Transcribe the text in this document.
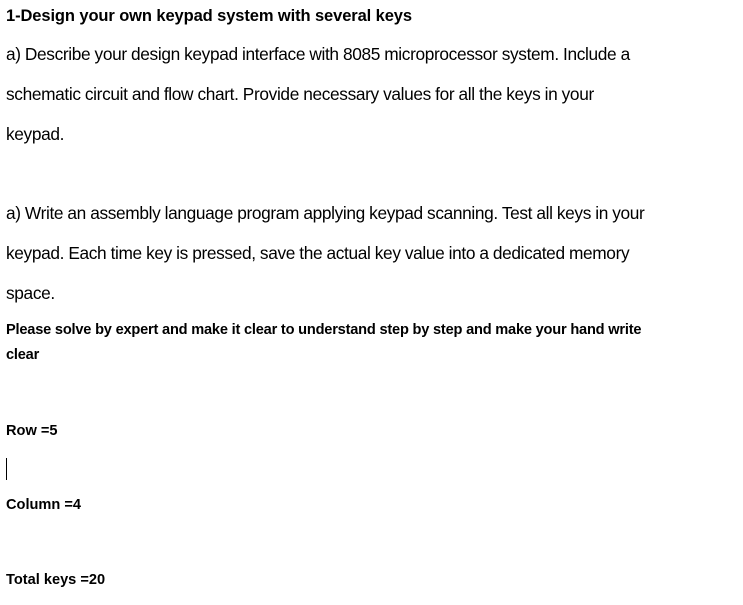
1-Design your own keypad system with several keys
a) Describe your design keypad interface with 8085 microprocessor system. Include a
schematic circuit and flow chart. Provide necessary values for all the keys in your
keypad.
a) Write an assembly language program applying keypad scanning. Test all keys in your
keypad. Each time key is pressed, save the actual key value into a dedicated memory
space.
Please solve by expert and make it clear to understand step by step and make your hand write
clear
Row =5
Column =4
Total keys =20
